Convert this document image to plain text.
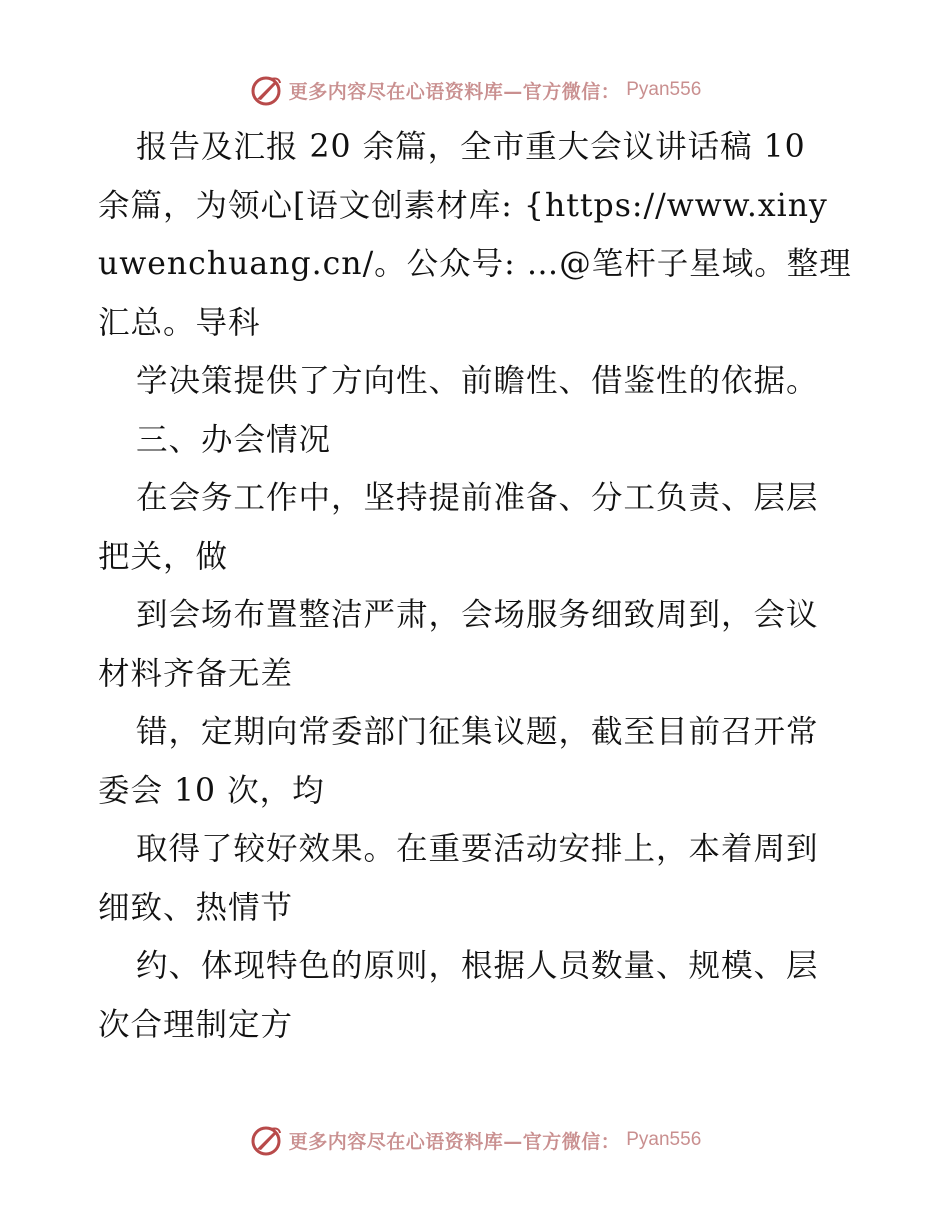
更多内容尽在心语资料库—官方微信： Pyan556
报告及汇报 20 余篇，全市重大会议讲话稿 10
余篇，为领心[语文创素材库: {https://www.xiny
uwenchuang.cn/。公众号: …@笔杆子星域。整理
汇总。导科
学决策提供了方向性、前瞻性、借鉴性的依据。
三、办会情况
在会务工作中，坚持提前准备、分工负责、层层
把关，做
到会场布置整洁严肃，会场服务细致周到，会议
材料齐备无差
错，定期向常委部门征集议题，截至目前召开常
委会 10 次，均
取得了较好效果。在重要活动安排上，本着周到
细致、热情节
约、体现特色的原则，根据人员数量、规模、层
次合理制定方
更多内容尽在心语资料库—官方微信： Pyan556
